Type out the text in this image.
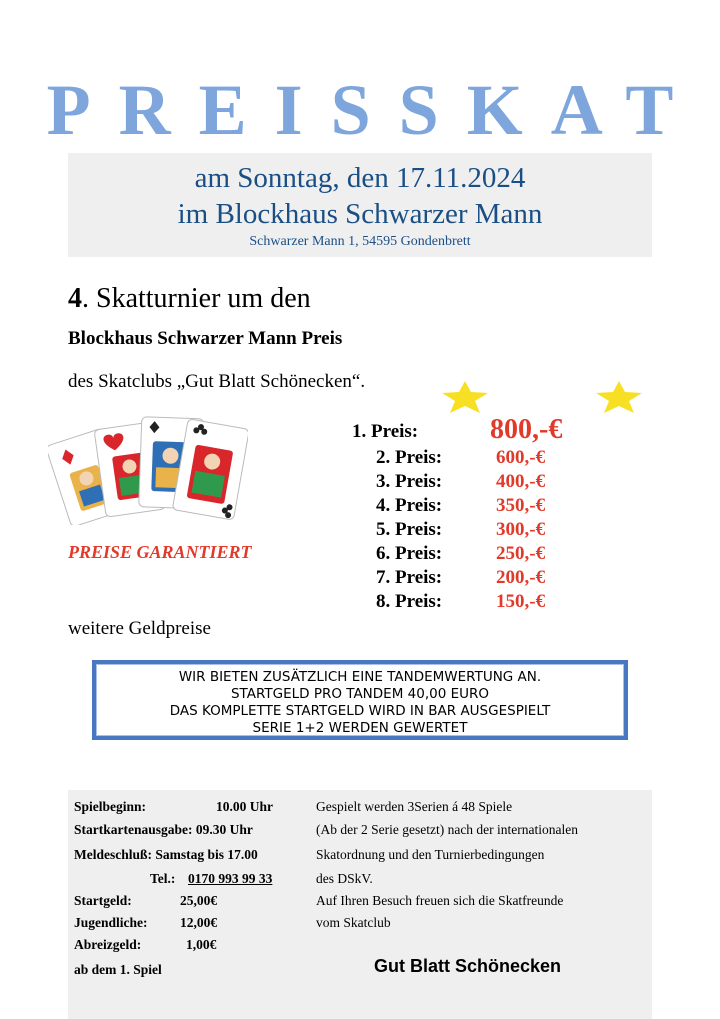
PREISSKAT
am Sonntag, den 17.11.2024
im Blockhaus Schwarzer Mann
Schwarzer Mann 1, 54595 Gondenbrett
4. Skatturnier um den
Blockhaus Schwarzer Mann Preis
des Skatclubs „Gut Blatt Schönecken“.
PREISE GARANTIERT
weitere Geldpreise
1. Preis:	800,-€
2. Preis:	600,-€
3. Preis:	400,-€
4. Preis:	350,-€
5. Preis:	300,-€
6. Preis:	250,-€
7. Preis:	200,-€
8. Preis:	150,-€
WIR BIETEN ZUSÄTZLICH EINE TANDEMWERTUNG AN.
STARTGELD PRO TANDEM 40,00 EURO
DAS KOMPLETTE STARTGELD WIRD IN BAR AUSGESPIELT
SERIE 1+2 WERDEN GEWERTET
Spielbeginn:	10.00 Uhr
Startkartenausgabe: 09.30 Uhr
Meldeschluß: Samstag bis 17.00
Tel.: 0170 993 99 33
Startgeld:	25,00€
Jugendliche: 12,00€
Abreizgeld:	1,00€
ab dem 1. Spiel
Gespielt werden 3Serien á 48 Spiele
(Ab der 2 Serie gesetzt) nach der internationalen
Skatordnung und den Turnierbedingungen
des DSkV.
Auf Ihren Besuch freuen sich die Skatfreunde
vom Skatclub
Gut Blatt Schönecken
